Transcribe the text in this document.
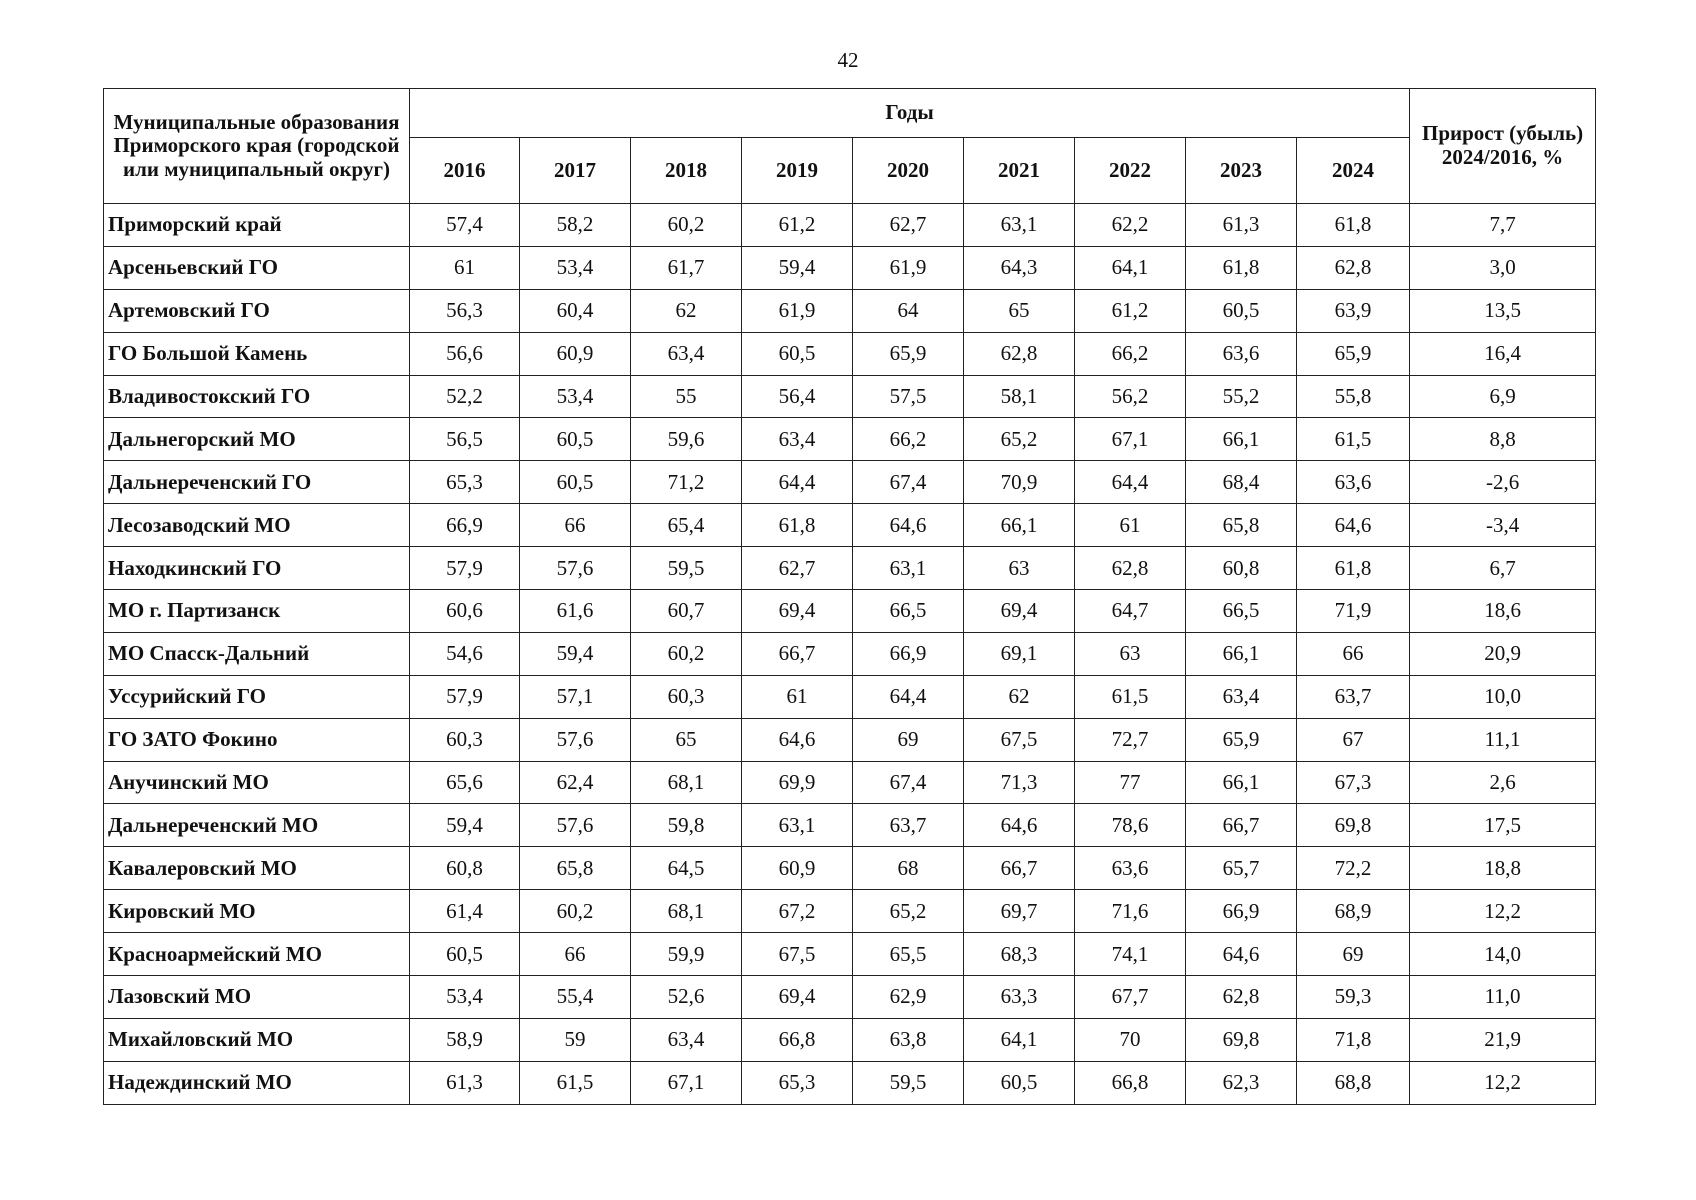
42
Муниципальные образования Приморского края (городской или муниципальный округ)	Годы									Прирост (убыль) 2024/2016, %
	2016	2017	2018	2019	2020	2021	2022	2023	2024	
Приморский край	57,4	58,2	60,2	61,2	62,7	63,1	62,2	61,3	61,8	7,7
Арсеньевский ГО	61	53,4	61,7	59,4	61,9	64,3	64,1	61,8	62,8	3,0
Артемовский ГО	56,3	60,4	62	61,9	64	65	61,2	60,5	63,9	13,5
ГО Большой Камень	56,6	60,9	63,4	60,5	65,9	62,8	66,2	63,6	65,9	16,4
Владивостокский ГО	52,2	53,4	55	56,4	57,5	58,1	56,2	55,2	55,8	6,9
Дальнегорский МО	56,5	60,5	59,6	63,4	66,2	65,2	67,1	66,1	61,5	8,8
Дальнереченский ГО	65,3	60,5	71,2	64,4	67,4	70,9	64,4	68,4	63,6	-2,6
Лесозаводский МО	66,9	66	65,4	61,8	64,6	66,1	61	65,8	64,6	-3,4
Находкинский ГО	57,9	57,6	59,5	62,7	63,1	63	62,8	60,8	61,8	6,7
МО г. Партизанск	60,6	61,6	60,7	69,4	66,5	69,4	64,7	66,5	71,9	18,6
МО Спасск-Дальний	54,6	59,4	60,2	66,7	66,9	69,1	63	66,1	66	20,9
Уссурийский ГО	57,9	57,1	60,3	61	64,4	62	61,5	63,4	63,7	10,0
ГО ЗАТО Фокино	60,3	57,6	65	64,6	69	67,5	72,7	65,9	67	11,1
Анучинский МО	65,6	62,4	68,1	69,9	67,4	71,3	77	66,1	67,3	2,6
Дальнереченский МО	59,4	57,6	59,8	63,1	63,7	64,6	78,6	66,7	69,8	17,5
Кавалеровский МО	60,8	65,8	64,5	60,9	68	66,7	63,6	65,7	72,2	18,8
Кировский МО	61,4	60,2	68,1	67,2	65,2	69,7	71,6	66,9	68,9	12,2
Красноармейский МО	60,5	66	59,9	67,5	65,5	68,3	74,1	64,6	69	14,0
Лазовский МО	53,4	55,4	52,6	69,4	62,9	63,3	67,7	62,8	59,3	11,0
Михайловский МО	58,9	59	63,4	66,8	63,8	64,1	70	69,8	71,8	21,9
Надеждинский МО	61,3	61,5	67,1	65,3	59,5	60,5	66,8	62,3	68,8	12,2
